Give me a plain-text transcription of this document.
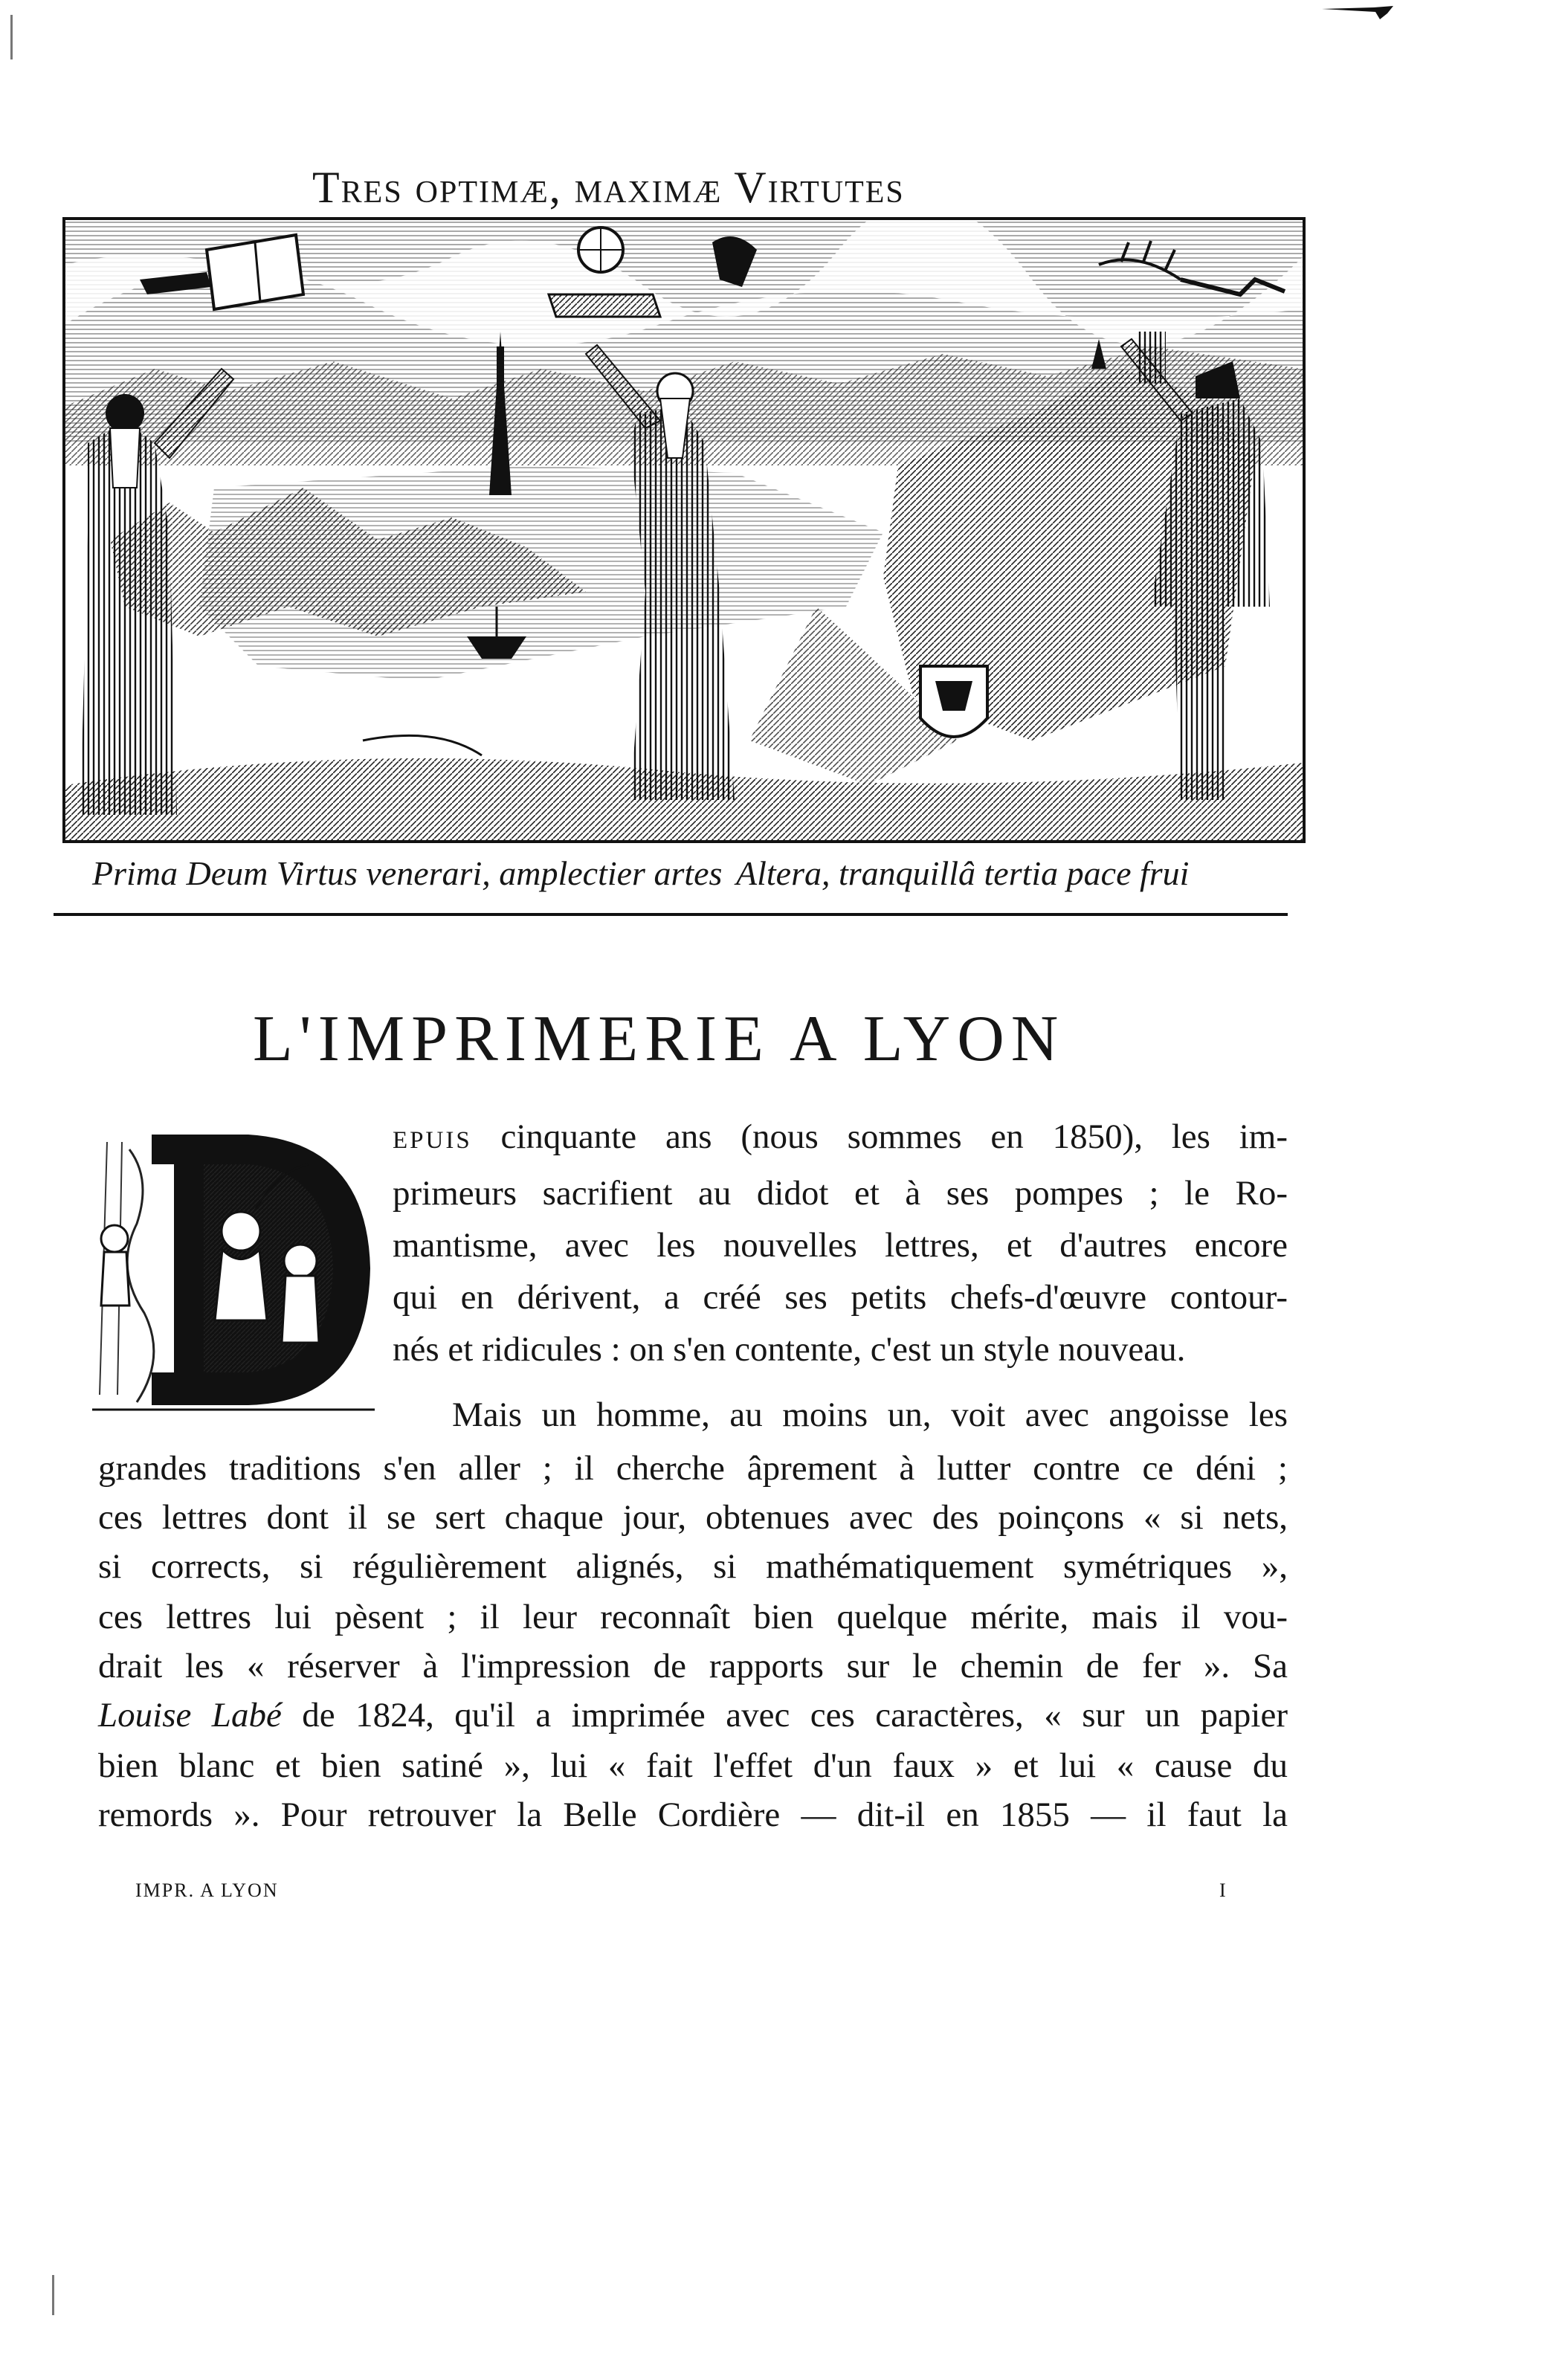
Tres optimæ, maximæ Virtutes
Prima Deum Virtus venerari, amplectier artes Altera, tranquillâ tertia pace frui
L'IMPRIMERIE A LYON
epuis cinquante ans (nous sommes en 1850), les im-
primeurs sacrifient au didot et à ses pompes ; le Ro-
mantisme, avec les nouvelles lettres, et d'autres encore
qui en dérivent, a créé ses petits chefs-d'œuvre contour-
nés et ridicules : on s'en contente, c'est un style nouveau.
Mais un homme, au moins un, voit avec angoisse les
grandes traditions s'en aller ; il cherche âprement à lutter contre ce déni ;
ces lettres dont il se sert chaque jour, obtenues avec des poinçons « si nets,
si corrects, si régulièrement alignés, si mathématiquement symétriques »,
ces lettres lui pèsent ; il leur reconnaît bien quelque mérite, mais il vou-
drait les « réserver à l'impression de rapports sur le chemin de fer ». Sa
Louise Labé de 1824, qu'il a imprimée avec ces caractères, « sur un papier
bien blanc et bien satiné », lui « fait l'effet d'un faux » et lui « cause du
remords ». Pour retrouver la Belle Cordière — dit-il en 1855 — il faut la
IMPR. A LYON	I
